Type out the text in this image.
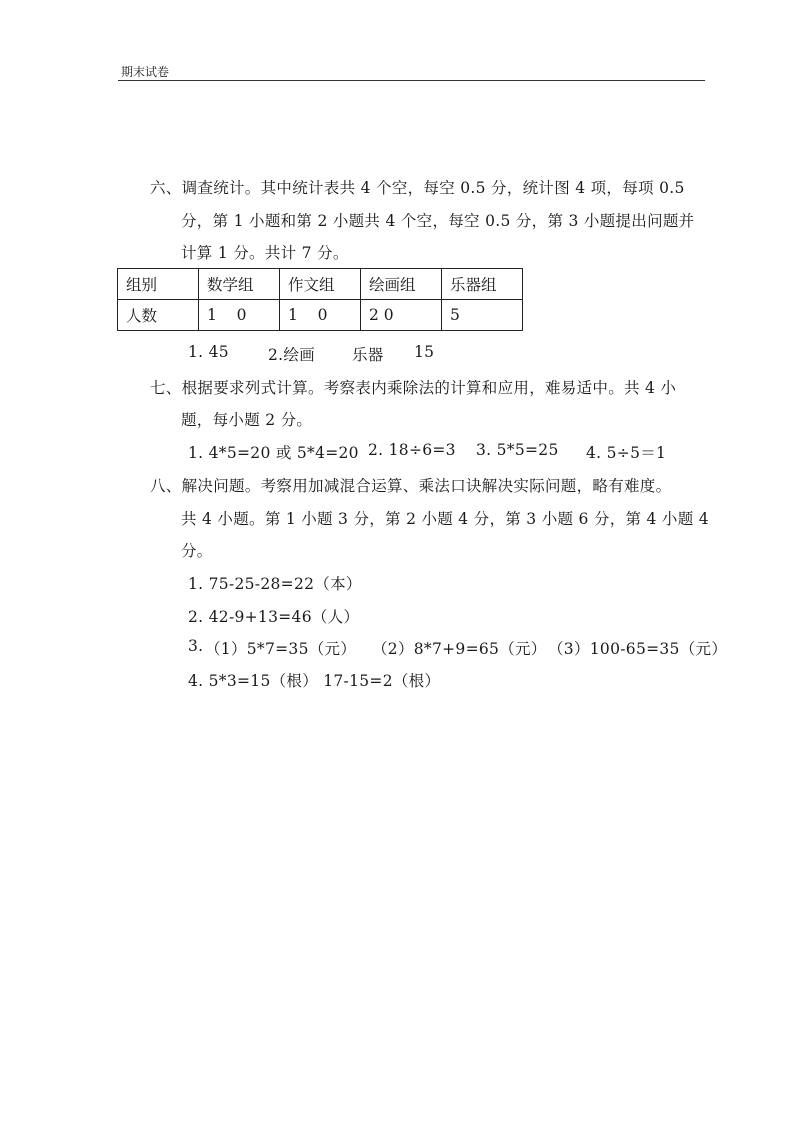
期末试卷
六、调查统计。其中统计表共 4 个空，每空 0.5 分，统计图 4 项，每项 0.5
分，第 1 小题和第 2 小题共 4 个空，每空 0.5 分，第 3 小题提出问题并
计算 1 分。共计 7 分。
组别	数学组	作文组	绘画组	乐器组
人数	1    0	1    0	2 0	5
1. 45	2.绘画 乐器 15
七、根据要求列式计算。考察表内乘除法的计算和应用，难易适中。共 4 小
题，每小题 2 分。
1. 4*5=20 或 5*4=20 2. 18÷6=3 3. 5*5=25 4. 5÷5＝1
八、解决问题。考察用加减混合运算、乘法口诀解决实际问题，略有难度。
共 4 小题。第 1 小题 3 分，第 2 小题 4 分，第 3 小题 6 分，第 4 小题 4
分。
1. 75-25-28=22（本）
2. 42-9+13=46（人）
3. （1）5*7=35（元） （2）8*7+9=65（元） （3）100-65=35（元）
4. 5*3=15（根） 17-15=2（根）
